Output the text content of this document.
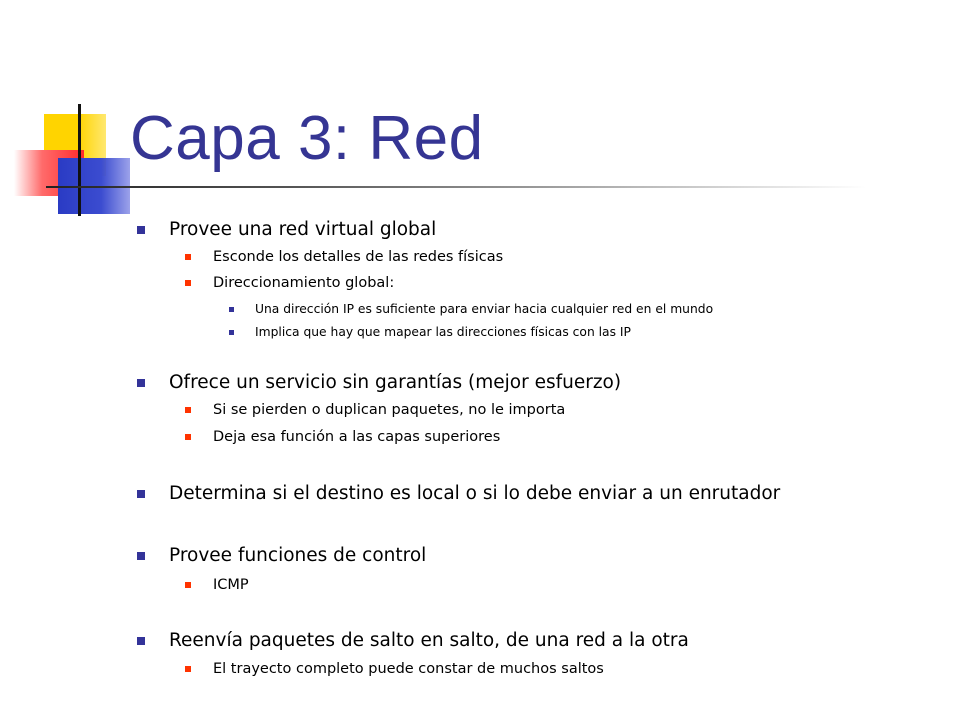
Capa 3: Red
Provee una red virtual global
Esconde los detalles de las redes físicas
Direccionamiento global:
Una dirección IP es suficiente para enviar hacia cualquier red en el mundo
Implica que hay que mapear las direcciones físicas con las IP
Ofrece un servicio sin garantías (mejor esfuerzo)
Si se pierden o duplican paquetes, no le importa
Deja esa función a las capas superiores
Determina si el destino es local o si lo debe enviar a un enrutador
Provee funciones de control
ICMP
Reenvía paquetes de salto en salto, de una red a la otra
El trayecto completo puede constar de muchos saltos
